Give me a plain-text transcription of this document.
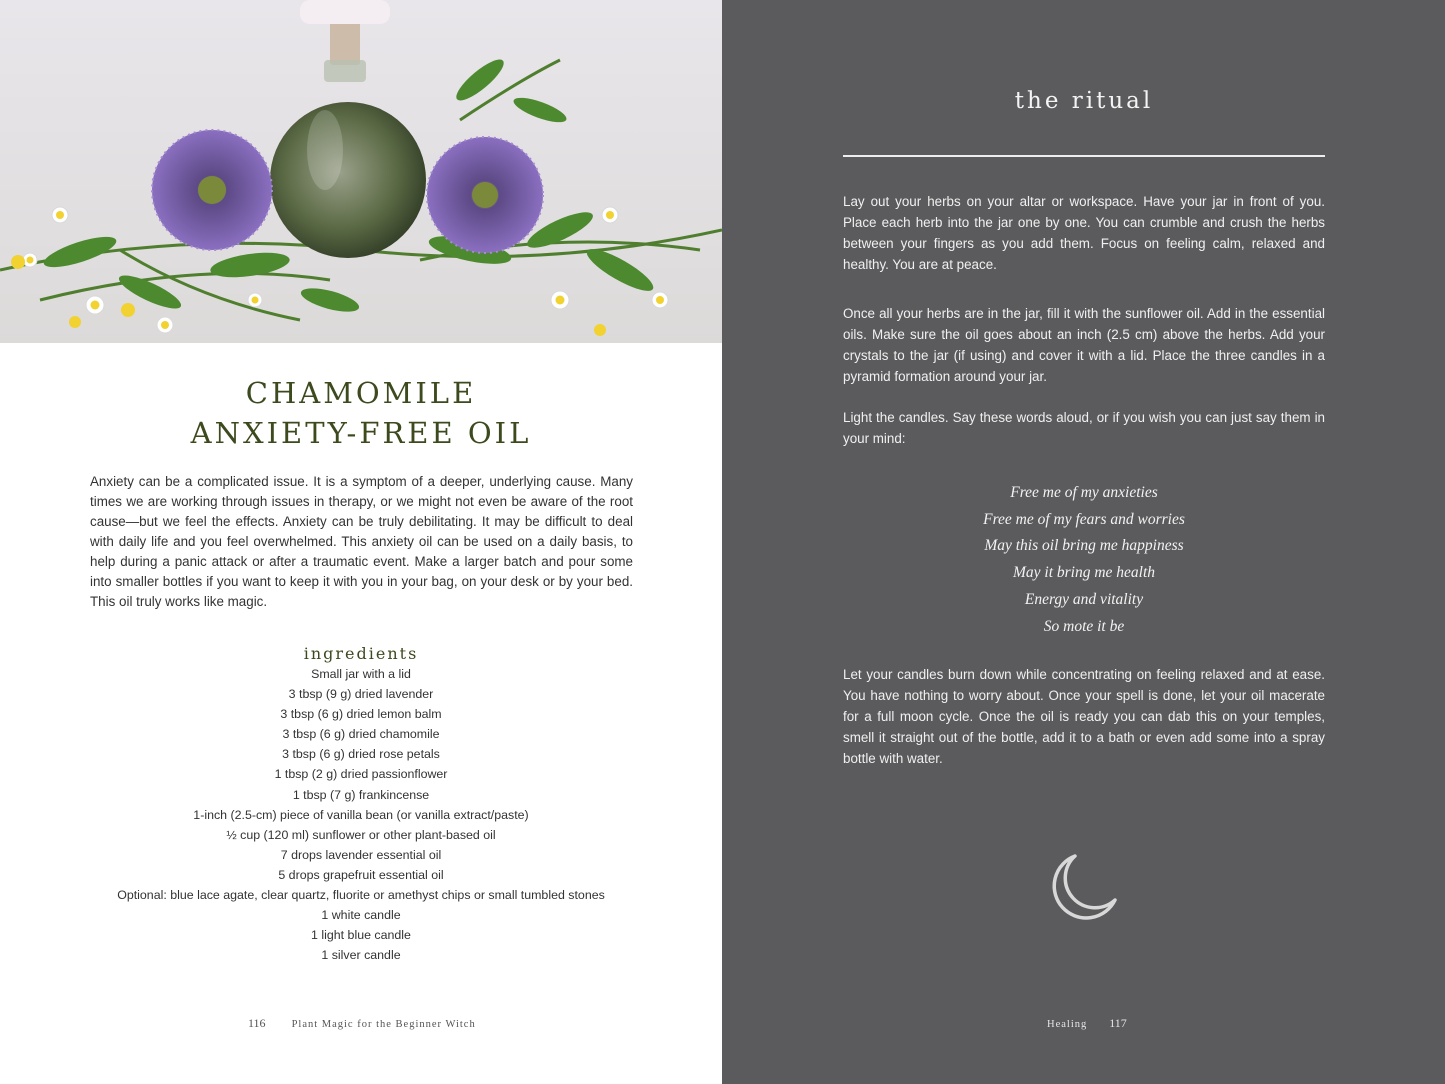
CHAMOMILE
ANXIETY-FREE OIL

Anxiety can be a complicated issue. It is a symptom of a deeper, underlying cause. Many times we are working through issues in therapy, or we might not even be aware of the root cause—but we feel the effects. Anxiety can be truly debilitating. It may be difficult to deal with daily life and you feel overwhelmed. This anxiety oil can be used on a daily basis, to help during a panic attack or after a traumatic event. Make a larger batch and pour some into smaller bottles if you want to keep it with you in your bag, on your desk or by your bed. This oil truly works like magic.

ingredients
Small jar with a lid
3 tbsp (9 g) dried lavender
3 tbsp (6 g) dried lemon balm
3 tbsp (6 g) dried chamomile
3 tbsp (6 g) dried rose petals
1 tbsp (2 g) dried passionflower
1 tbsp (7 g) frankincense
1-inch (2.5-cm) piece of vanilla bean (or vanilla extract/paste)
½ cup (120 ml) sunflower or other plant-based oil
7 drops lavender essential oil
5 drops grapefruit essential oil
Optional: blue lace agate, clear quartz, fluorite or amethyst chips or small tumbled stones
1 white candle
1 light blue candle
1 silver candle
116 Plant Magic for the Beginner Witch
the ritual

Lay out your herbs on your altar or workspace. Have your jar in front of you. Place each herb into the jar one by one. You can crumble and crush the herbs between your fingers as you add them. Focus on feeling calm, relaxed and healthy. You are at peace.

Once all your herbs are in the jar, fill it with the sunflower oil. Add in the essential oils. Make sure the oil goes about an inch (2.5 cm) above the herbs. Add your crystals to the jar (if using) and cover it with a lid. Place the three candles in a pyramid formation around your jar.

Light the candles. Say these words aloud, or if you wish you can just say them in your mind:

Free me of my anxieties
Free me of my fears and worries
May this oil bring me happiness
May it bring me health
Energy and vitality
So mote it be

Let your candles burn down while concentrating on feeling relaxed and at ease. You have nothing to worry about. Once your spell is done, let your oil macerate for a full moon cycle. Once the oil is ready you can dab this on your temples, smell it straight out of the bottle, add it to a bath or even add some into a spray bottle with water.

Healing 117
